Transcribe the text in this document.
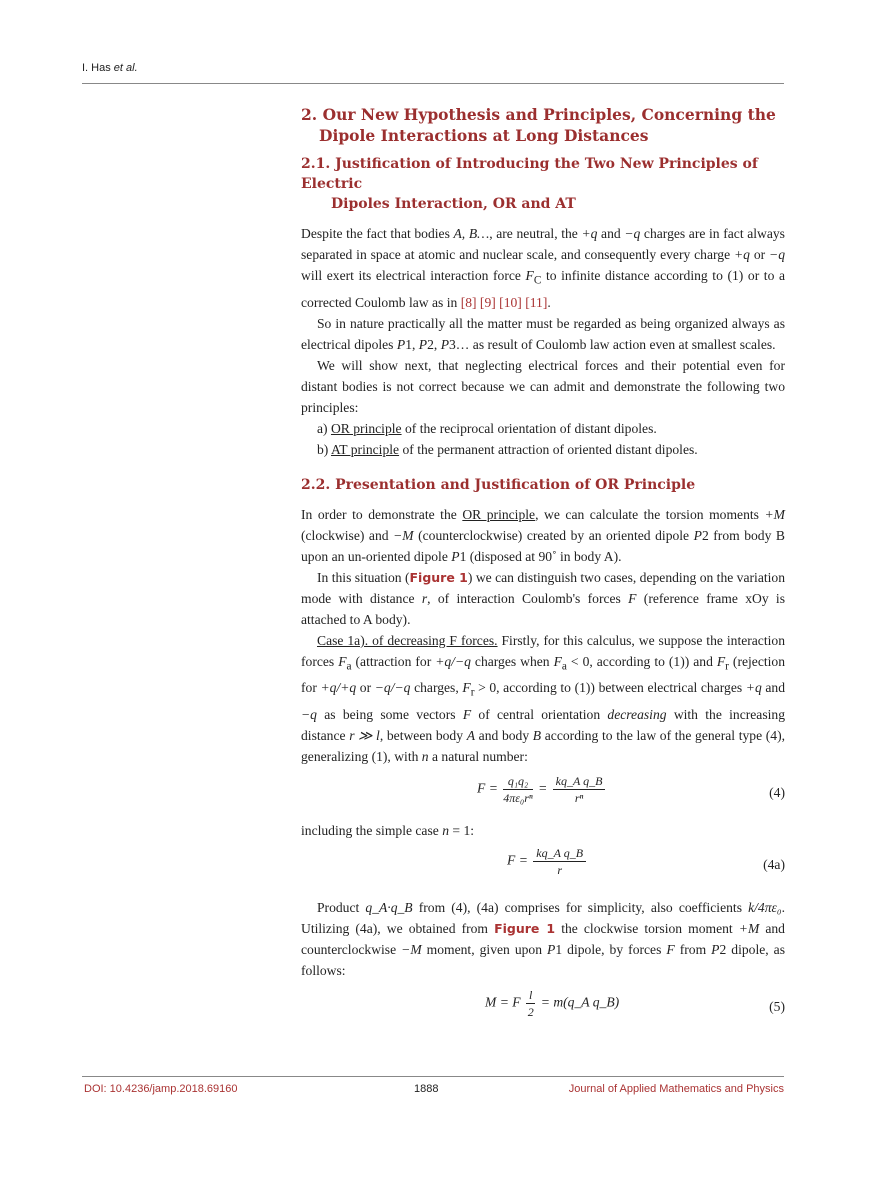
I. Has et al.
2. Our New Hypothesis and Principles, Concerning the
Dipole Interactions at Long Distances
2.1. Justification of Introducing the Two New Principles of Electric
Dipoles Interaction, OR and AT

Despite the fact that bodies A, B…, are neutral, the +q and −q charges are in fact always separated in space at atomic and nuclear scale, and consequently every charge +q or −q will exert its electrical interaction force $F_C$ to infinite distance according to (1) or to a corrected Coulomb law as in [8] [9] [10] [11].

So in nature practically all the matter must be regarded as being organized always as electrical dipoles P1, P2, P3… as result of Coulomb law action even at smallest scales.

We will show next, that neglecting electrical forces and their potential even for distant bodies is not correct because we can admit and demonstrate the following two principles:

a) OR principle of the reciprocal orientation of distant dipoles.

b) AT principle of the permanent attraction of oriented distant dipoles.

2.2. Presentation and Justification of OR Principle

In order to demonstrate the OR principle, we can calculate the torsion moments +M (clockwise) and −M (counterclockwise) created by an oriented dipole P2 from body B upon an un-oriented dipole P1 (disposed at 90˚ in body A).

In this situation (Figure 1) we can distinguish two cases, depending on the variation mode with distance r, of interaction Coulomb's forces F (reference frame xOy is attached to A body).

Case 1a). of decreasing F forces. Firstly, for this calculus, we suppose the interaction forces $F_a$ (attraction for +q/−q charges when $F_a < 0$, according to (1)) and $F_r$ (rejection for +q/+q or −q/−q charges, $F_r > 0$, according to (1)) between electrical charges +q and −q as being some vectors F of central orientation decreasing with the increasing distance r ≫ l, between body A and body B according to the law of the general type (4), generalizing (1), with n a natural number:

$F = \frac{\text{q₁q₂}}{\text{4πε₀rⁿ}} = \frac{\text{kq\_A q\_B}}{\text{rⁿ}}$	(4)

including the simple case n = 1:

$F = \frac{\text{kq\_A q\_B}}{r}$	(4a)

Product q_A·q_B from (4), (4a) comprises for simplicity, also coefficients k/4πε₀. Utilizing (4a), we obtained from Figure 1 the clockwise torsion moment +M and counterclockwise −M moment, given upon P1 dipole, by forces F from P2 dipole, as follows:

M = F $\frac{l}{2}$ = m(q_A q_B)	(5)
DOI: 10.4236/jamp.2018.69160	1888	Journal of Applied Mathematics and Physics
